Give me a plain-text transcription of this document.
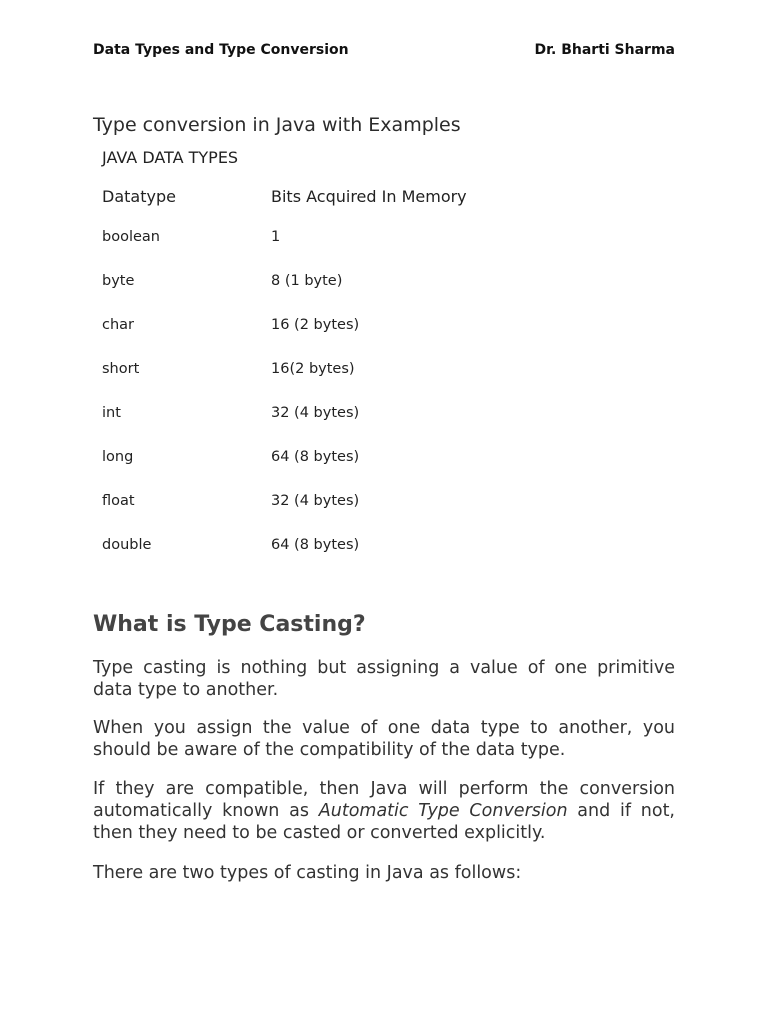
Data Types and Type Conversion	Dr. Bharti Sharma
Type conversion in Java with Examples
JAVA DATA TYPES
Datatype	Bits Acquired In Memory
boolean	1
byte	8 (1 byte)
char	16 (2 bytes)
short	16(2 bytes)
int	32 (4 bytes)
long	64 (8 bytes)
float	32 (4 bytes)
double	64 (8 bytes)
What is Type Casting?

Type casting is nothing but assigning a value of one primitive data type to another.

When you assign the value of one data type to another, you should be aware of the compatibility of the data type.

If they are compatible, then Java will perform the conversion automatically known as Automatic Type Conversion and if not, then they need to be casted or converted explicitly.

There are two types of casting in Java as follows:
